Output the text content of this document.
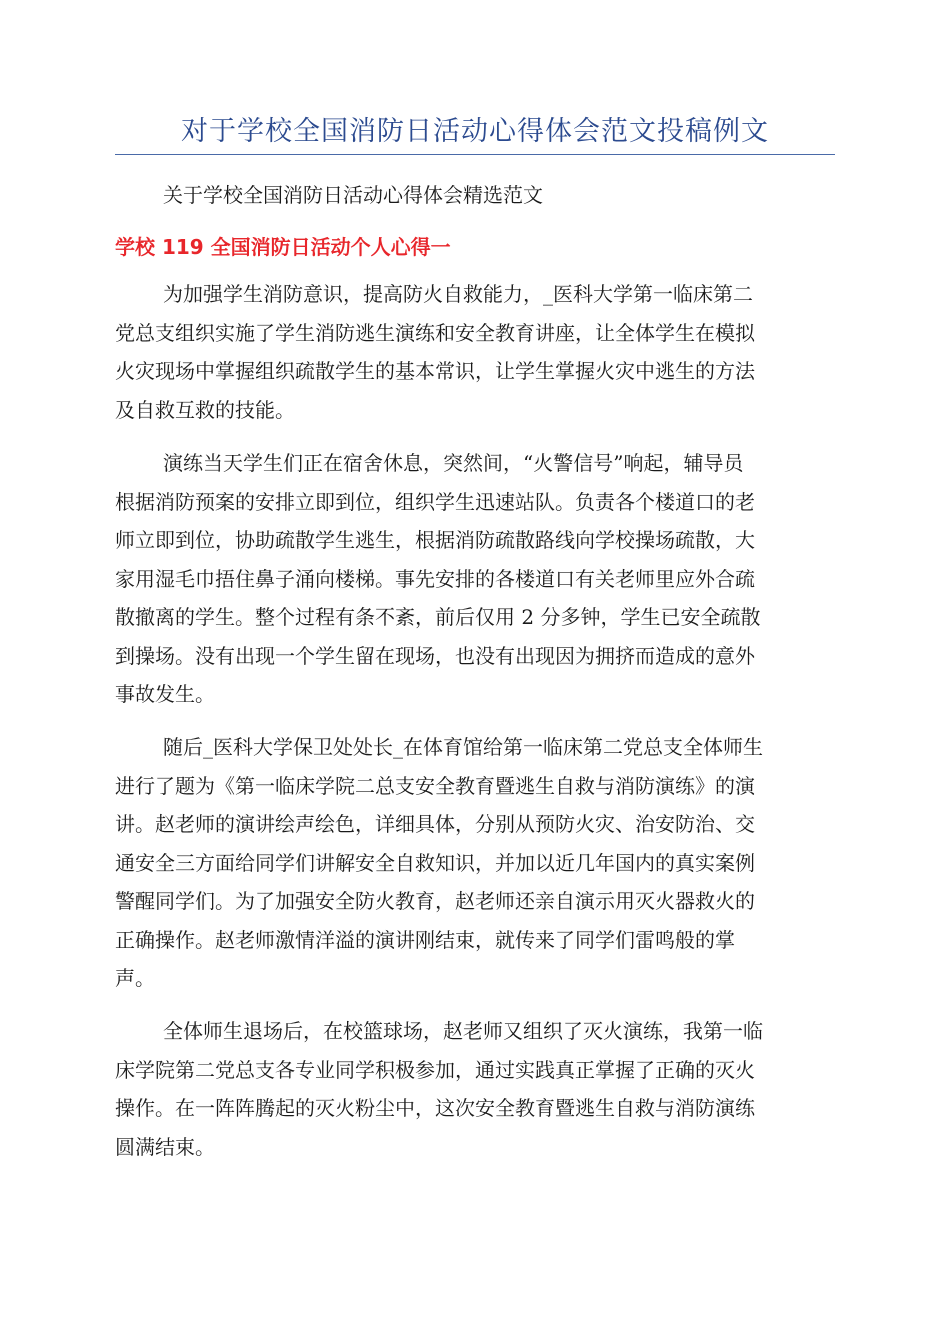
对于学校全国消防日活动心得体会范文投稿例文
关于学校全国消防日活动心得体会精选范文
学校 119 全国消防日活动个人心得一
为加强学生消防意识，提高防火自救能力，_医科大学第一临床第二
党总支组织实施了学生消防逃生演练和安全教育讲座，让全体学生在模拟
火灾现场中掌握组织疏散学生的基本常识，让学生掌握火灾中逃生的方法
及自救互救的技能。
演练当天学生们正在宿舍休息，突然间，“火警信号”响起，辅导员
根据消防预案的安排立即到位，组织学生迅速站队。负责各个楼道口的老
师立即到位，协助疏散学生逃生，根据消防疏散路线向学校操场疏散，大
家用湿毛巾捂住鼻子涌向楼梯。事先安排的各楼道口有关老师里应外合疏
散撤离的学生。整个过程有条不紊，前后仅用 2 分多钟，学生已安全疏散
到操场。没有出现一个学生留在现场，也没有出现因为拥挤而造成的意外
事故发生。
随后_医科大学保卫处处长_在体育馆给第一临床第二党总支全体师生
进行了题为《第一临床学院二总支安全教育暨逃生自救与消防演练》的演
讲。赵老师的演讲绘声绘色，详细具体，分别从预防火灾、治安防治、交
通安全三方面给同学们讲解安全自救知识，并加以近几年国内的真实案例
警醒同学们。为了加强安全防火教育，赵老师还亲自演示用灭火器救火的
正确操作。赵老师激情洋溢的演讲刚结束，就传来了同学们雷鸣般的掌
声。
全体师生退场后，在校篮球场，赵老师又组织了灭火演练，我第一临
床学院第二党总支各专业同学积极参加，通过实践真正掌握了正确的灭火
操作。在一阵阵腾起的灭火粉尘中，这次安全教育暨逃生自救与消防演练
圆满结束。
